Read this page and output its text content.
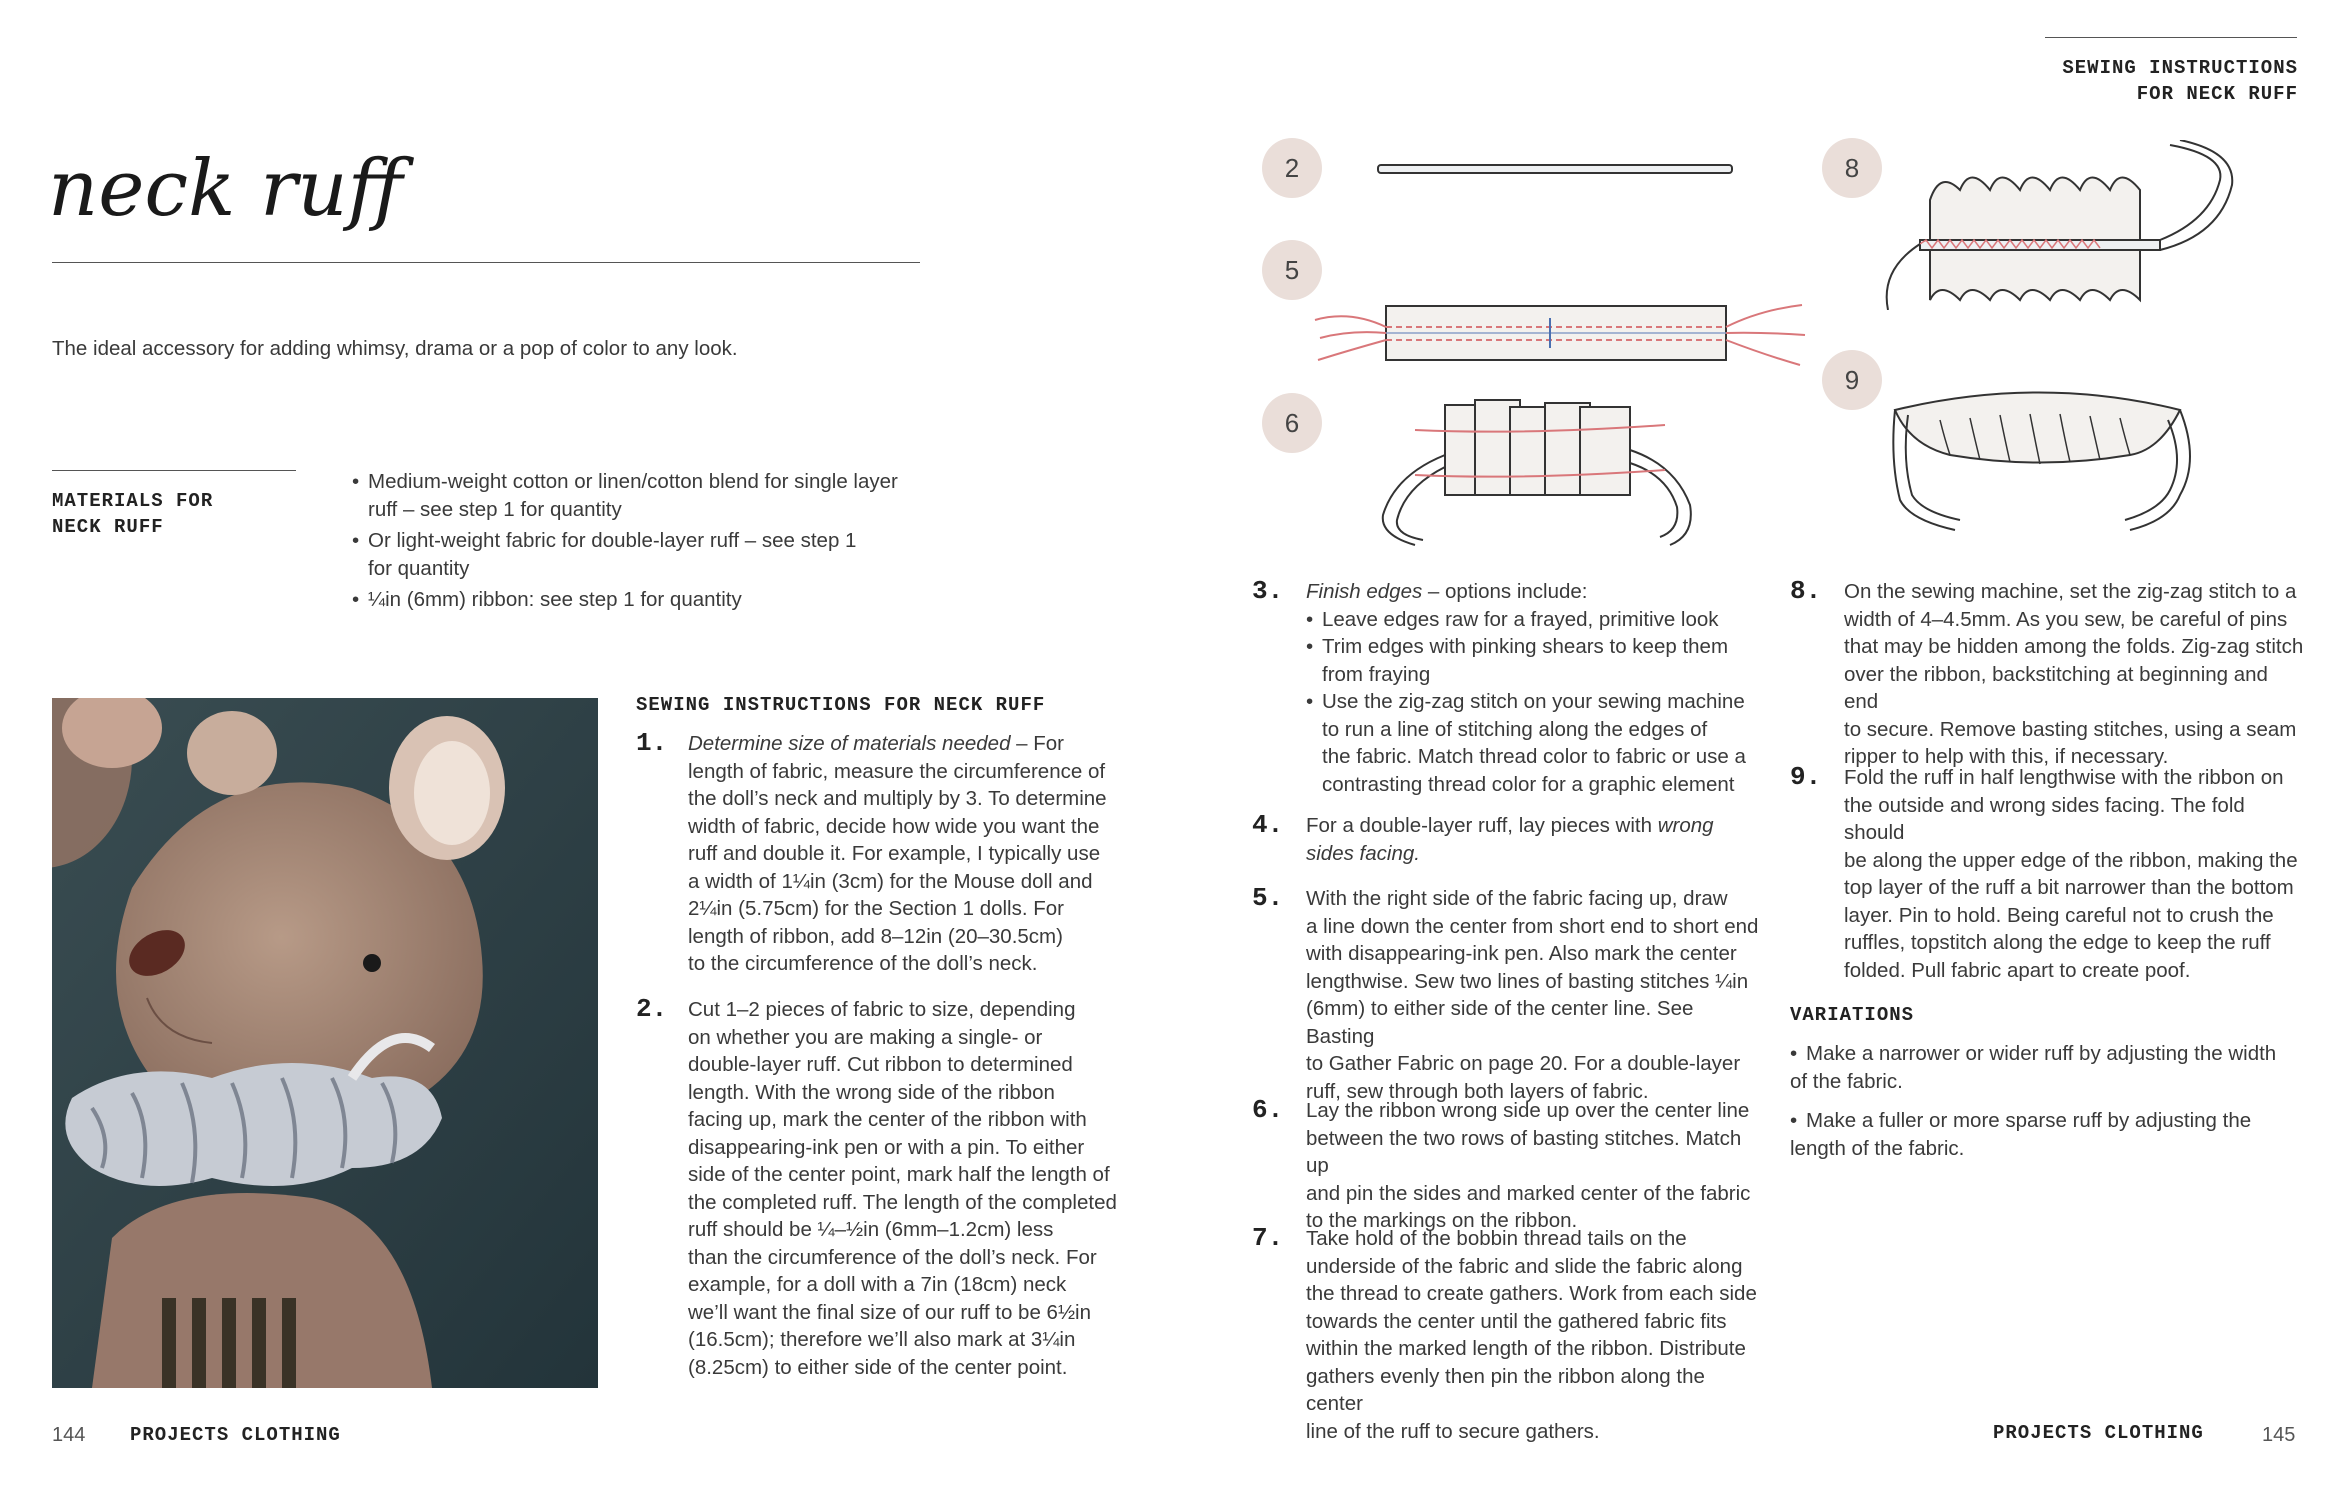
neck ruff
The ideal accessory for adding whimsy, drama or a pop of color to any look.
MATERIALS FOR
NECK RUFF
• Medium-weight cotton or linen/cotton blend for single layer
ruff – see step 1 for quantity
• Or light-weight fabric for double-layer ruff – see step 1
for quantity
• ¼in (6mm) ribbon: see step 1 for quantity
SEWING INSTRUCTIONS FOR NECK RUFF
1. Determine size of materials needed – For
length of fabric, measure the circumference of
the doll’s neck and multiply by 3. To determine
width of fabric, decide how wide you want the
ruff and double it. For example, I typically use
a width of 1¼in (3cm) for the Mouse doll and
2¼in (5.75cm) for the Section 1 dolls. For
length of ribbon, add 8–12in (20–30.5cm)
to the circumference of the doll’s neck.
2. Cut 1–2 pieces of fabric to size, depending
on whether you are making a single- or
double-layer ruff. Cut ribbon to determined
length. With the wrong side of the ribbon
facing up, mark the center of the ribbon with
disappearing-ink pen or with a pin. To either
side of the center point, mark half the length of
the completed ruff. The length of the completed
ruff should be ¼–½in (6mm–1.2cm) less
than the circumference of the doll’s neck. For
example, for a doll with a 7in (18cm) neck
we’ll want the final size of our ruff to be 6½in
(16.5cm); therefore we’ll also mark at 3¼in
(8.25cm) to either side of the center point.
144 PROJECTS CLOTHING
SEWING INSTRUCTIONS
FOR NECK RUFF
2
5
6
8
9
3. Finish edges – options include:
• Leave edges raw for a frayed, primitive look
• Trim edges with pinking shears to keep them
from fraying
• Use the zig-zag stitch on your sewing machine
to run a line of stitching along the edges of
the fabric. Match thread color to fabric or use a
contrasting thread color for a graphic element
4. For a double-layer ruff, lay pieces with wrong
sides facing.
5. With the right side of the fabric facing up, draw
a line down the center from short end to short end
with disappearing-ink pen. Also mark the center
lengthwise. Sew two lines of basting stitches ¼in
(6mm) to either side of the center line. See Basting
to Gather Fabric on page 20. For a double-layer
ruff, sew through both layers of fabric.
6. Lay the ribbon wrong side up over the center line
between the two rows of basting stitches. Match up
and pin the sides and marked center of the fabric
to the markings on the ribbon.
7. Take hold of the bobbin thread tails on the
underside of the fabric and slide the fabric along
the thread to create gathers. Work from each side
towards the center until the gathered fabric fits
within the marked length of the ribbon. Distribute
gathers evenly then pin the ribbon along the center
line of the ruff to secure gathers.
8. On the sewing machine, set the zig-zag stitch to a
width of 4–4.5mm. As you sew, be careful of pins
that may be hidden among the folds. Zig-zag stitch
over the ribbon, backstitching at beginning and end
to secure. Remove basting stitches, using a seam
ripper to help with this, if necessary.
9. Fold the ruff in half lengthwise with the ribbon on
the outside and wrong sides facing. The fold should
be along the upper edge of the ribbon, making the
top layer of the ruff a bit narrower than the bottom
layer. Pin to hold. Being careful not to crush the
ruffles, topstitch along the edge to keep the ruff
folded. Pull fabric apart to create poof.
VARIATIONS
• Make a narrower or wider ruff by adjusting the width
of the fabric.
• Make a fuller or more sparse ruff by adjusting the
length of the fabric.
PROJECTS CLOTHING	145
